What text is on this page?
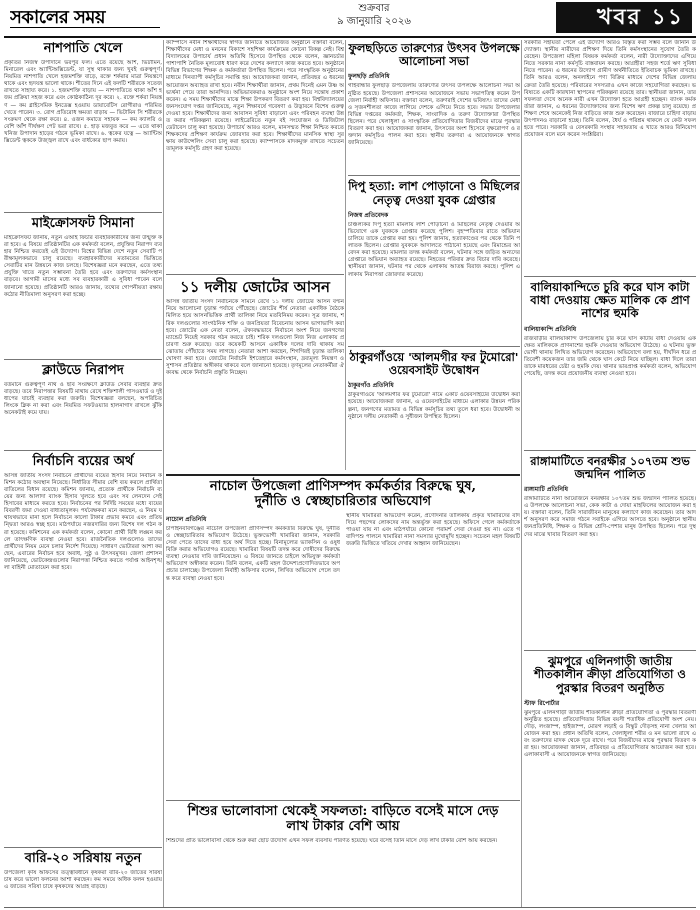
সকালের সময়	শুক্রবার
৯ জানুয়ারি ২০২৬	খবর ১১
নাশপাতি খেলে
প্রকৃতির নিজস্ব উপাদানে ভরপুর ফল। এতে রয়েছে আঁশ, ভিটামিন, মিনারেল এবং অ্যান্টিঅক্সিডেন্ট, যা সুস্থ থাকার জন্য খুবই গুরুত্বপূর্ণ। নিয়মিত নাশপাতি খেলে হজমশক্তি বাড়ে, রক্তে শর্করার মাত্রা নিয়ন্ত্রণে থাকে এবং হৃদযন্ত্র ভালো থাকে। শীতের দিনে এই ফলটি শরীরকে সতেজ রাখতে সাহায্য করে। ১. হজমশক্তি বাড়ায় — নাশপাতিতে থাকা আঁশ হজম প্রক্রিয়া সহজ করে এবং কোষ্ঠকাঠিন্য দূর করে। ২. রক্তে শর্করা নিয়ন্ত্রণ — কম গ্লাইসেমিক ইনডেক্স হওয়ায় ডায়াবেটিস রোগীরাও পরিমিত খেতে পারেন। ৩. রোগ প্রতিরোধ ক্ষমতা বাড়ায় — ভিটামিন সি শরীরকে সংক্রমণ থেকে রক্ষা করে। ৪. ওজন কমাতে সহায়ক — কম ক্যালরি ও বেশি আঁশ দীর্ঘক্ষণ পেট ভরা রাখে। ৫. হাড় মজবুত করে — এতে থাকা খনিজ উপাদান হাড়ের গঠনে ভূমিকা রাখে। ৬. ত্বকের যত্নে — অ্যান্টিঅক্সিডেন্ট ত্বককে উজ্জ্বল রাখে এবং বার্ধক্যের ছাপ কমায়।
মাইক্রোসফট সিমানা
মাইক্রোসফট জানায়, নতুন এআই ফিচার ব্যবহারকারীদের জন্য উন্মুক্ত করা হবে। এ বিষয়ে প্রতিষ্ঠানটির এক কর্মকর্তা বলেন, প্রযুক্তির নিরাপদ ব্যবহার নিশ্চিত করতেই এই উদ্যোগ। বিশ্বের বিভিন্ন দেশে নতুন সেবাটি পরীক্ষামূলকভাবে চালু রয়েছে। ব্যবহারকারীদের মতামতের ভিত্তিতে সেবাটির মান উন্নয়নে কাজ চলছে। বিশেষজ্ঞরা মনে করছেন, এতে তথ্যপ্রযুক্তি খাতে নতুন সম্ভাবনা তৈরি হবে এবং তরুণদের কর্মসংস্থান বাড়বে। আগামী মাসের মধ্যে সব ব্যবহারকারী এ সুবিধা পাবেন বলে জানানো হয়েছে। প্রতিষ্ঠানটি আরও জানায়, তথ্যের গোপনীয়তা রক্ষায় কঠোর নীতিমালা অনুসরণ করা হচ্ছে।
ক্লাউডে নিরাপদ
বর্তমানে গুরুত্বপূর্ণ নথি ও ছবি সংরক্ষণে ক্লাউড সেবার ব্যবহার দ্রুত বাড়ছে। তবে নিরাপত্তার বিষয়টি মাথায় রেখে শক্তিশালী পাসওয়ার্ড ও দুই ধাপের যাচাই ব্যবহার করা জরুরি। বিশেষজ্ঞরা বলছেন, অপরিচিত লিংকে ক্লিক না করা এবং নিয়মিত সফটওয়্যার হালনাগাদ রাখলে ঝুঁকি অনেকটাই কমে যায়।
নির্বাচনি ব্যয়ের অর্থ
আসন্ন জাতীয় সংসদ নির্বাচনে প্রার্থীদের ব্যয়ের হিসাব নিয়ে নির্বাচন কমিশন কঠোর অবস্থান নিয়েছে। নির্ধারিত সীমার বেশি ব্যয় করলে প্রার্থিতা বাতিলের বিধান রয়েছে। কমিশন জানায়, প্রত্যেক প্রার্থীকে নির্বাচনি ব্যয়ের জন্য আলাদা ব্যাংক হিসাব খুলতে হবে এবং সব লেনদেন সেই হিসাবের মাধ্যমে করতে হবে। নির্বাচনের পর নির্দিষ্ট সময়ের মধ্যে ব্যয়ের বিবরণী জমা দেওয়া বাধ্যতামূলক। পর্যবেক্ষকরা মনে করছেন, এ নিয়ম যথাযথভাবে মানা হলে নির্বাচনে কালো টাকার প্রভাব কমবে এবং প্রতিদ্বন্দ্বিতা আরও স্বচ্ছ হবে। মাঠপর্যায়ে নজরদারির জন্য বিশেষ দল গঠন করা হয়েছে। কমিশনের এক কর্মকর্তা বলেন, কোনো প্রার্থী বিধি লঙ্ঘন করলে তাৎক্ষণিক ব্যবস্থা নেওয়া হবে। রাজনৈতিক দলগুলোও তাদের প্রার্থীদের নিয়ম মেনে চলার নির্দেশ দিয়েছে। সাধারণ ভোটাররা আশা করছেন, এবারের নির্বাচন হবে অবাধ, সুষ্ঠু ও উৎসবমুখর। জেলা প্রশাসন জানিয়েছে, ভোটকেন্দ্রগুলোর নিরাপত্তা নিশ্চিত করতে পর্যাপ্ত আইনশৃঙ্খলা বাহিনী মোতায়েন করা হবে।
বারি-২০ সরিষায় নতুন
উপজেলা কৃষি অফিসের তত্ত্বাবধানে কৃষকরা বারি-২০ জাতের সরিষা চাষ করে ভালো ফলনের আশা করছেন। কম সময়ে অধিক ফলন হওয়ায় এ জাতের সরিষা চাষে কৃষকদের আগ্রহ বাড়ছে।
ক্যাম্পাসে নবীন শিক্ষার্থীদের স্বাগত জানাতে আয়োজিত অনুষ্ঠানে বক্তারা বলেন, শিক্ষার্থীদের মেধা ও মননের বিকাশে সহশিক্ষা কার্যক্রমের কোনো বিকল্প নেই। বিশ্ববিদ্যালয়ের উপাচার্য প্রধান অতিথি হিসেবে উপস্থিত থেকে বলেন, জ্ঞানচর্চার পাশাপাশি নৈতিক মূল্যবোধ ধারণ করে দেশের কল্যাণে কাজ করতে হবে। অনুষ্ঠানে বিভিন্ন বিভাগের শিক্ষক ও কর্মকর্তারা উপস্থিত ছিলেন। পরে সাংস্কৃতিক অনুষ্ঠানের মাধ্যমে দিনব্যাপী কর্মসূচির সমাপ্তি হয়। আয়োজকরা জানান, প্রতিবছর এ ধরনের আয়োজন অব্যাহত রাখা হবে। নবীন শিক্ষার্থীরা জানান, প্রথম দিনেই এমন উষ্ণ অভ্যর্থনা পেয়ে তারা আনন্দিত। অভিভাবকরাও অনুষ্ঠানে অংশ নিয়ে সন্তোষ প্রকাশ করেন। এ সময় শিক্ষার্থীদের মাঝে শিক্ষা উপকরণ বিতরণ করা হয়। বিশ্ববিদ্যালয়ের জনসংযোগ দপ্তর জানিয়েছে, নতুন শিক্ষাবর্ষে গবেষণা ও উদ্ভাবনে বিশেষ গুরুত্ব দেওয়া হবে। শিক্ষার্থীদের জন্য আবাসন সুবিধা বাড়ানো এবং পরিবহন ব্যবস্থা উন্নত করার পরিকল্পনা রয়েছে। লাইব্রেরিতে নতুন বই সংযোজন ও ডিজিটাল ডেটাবেস চালু করা হয়েছে। উপাচার্য আরও বলেন, মানসম্মত শিক্ষা নিশ্চিত করতে শিক্ষকদের প্রশিক্ষণ কার্যক্রম জোরদার করা হবে। শিক্ষার্থীদের মানসিক স্বাস্থ্য সুরক্ষায় কাউন্সেলিং সেবা চালু করা হয়েছে। ক্যাম্পাসকে মাদকমুক্ত রাখতে সচেতনতামূলক কর্মসূচি গ্রহণ করা হয়েছে।
১১ দলীয় জোটের আসন
আসন্ন জাতীয় সংসদ নির্বাচনকে সামনে রেখে ১১ দলীয় জোটের আসন বণ্টন নিয়ে আলোচনা চূড়ান্ত পর্যায়ে পৌঁছেছে। জোটের শীর্ষ নেতারা একাধিক বৈঠকে মিলিত হয়ে আসনভিত্তিক প্রার্থী তালিকা নিয়ে মতবিনিময় করেন। সূত্র জানায়, শরিক দলগুলোর সাংগঠনিক শক্তি ও জনপ্রিয়তা বিবেচনায় আসন ভাগাভাগি করা হবে। জোটের এক নেতা বলেন, ঐক্যবদ্ধভাবে নির্বাচনে অংশ নিয়ে জনগণের ম্যান্ডেট নিয়েই সরকার গঠন করতে চাই। শরিক দলগুলো নিজ নিজ এলাকায় প্রচারণা শুরু করেছে। তবে কয়েকটি আসনে একাধিক দলের দাবি থাকায় সমঝোতায় পৌঁছাতে সময় লাগছে। নেতারা আশা করছেন, শিগগিরই চূড়ান্ত তালিকা ঘোষণা করা হবে। জোটের নির্বাচনি ইশতেহারে কর্মসংস্থান, দ্রব্যমূল্য নিয়ন্ত্রণ ও সুশাসন প্রতিষ্ঠার অঙ্গীকার থাকবে বলে জানানো হয়েছে। তৃণমূলের নেতাকর্মীরা ঐক্যবদ্ধ থেকে নির্বাচনি প্রস্তুতি নিচ্ছেন।
ফুলছড়িতে তারুণ্যের উৎসব উপলক্ষে আলোচনা সভা
ফুলছড়ি প্রতিনিধি
গাইবান্ধার ফুলছড়ি উপজেলায় তারুণ্যের উৎসব উপলক্ষে আলোচনা সভা অনুষ্ঠিত হয়েছে। উপজেলা প্রশাসনের আয়োজনে সভায় সভাপতিত্ব করেন উপজেলা নির্বাহী অফিসার। বক্তারা বলেন, তরুণরাই দেশের ভবিষ্যৎ। তাদের মেধা ও সৃজনশীলতা কাজে লাগিয়ে দেশকে এগিয়ে নিতে হবে। সভায় উপজেলার বিভিন্ন দপ্তরের কর্মকর্তা, শিক্ষক, সাংবাদিক ও তরুণ উদ্যোক্তারা উপস্থিত ছিলেন। পরে খেলাধুলা ও সাংস্কৃতিক প্রতিযোগিতার বিজয়ীদের মাঝে পুরস্কার বিতরণ করা হয়। আয়োজকরা জানান, উৎসবের অংশ হিসেবে বৃক্ষরোপণ ও রক্তদান কর্মসূচিও পালন করা হবে। স্থানীয় তরুণরা এ আয়োজনকে স্বাগত জানিয়েছে।
দিপু হত্যা: লাশ পোড়ানো ও মিছিলের নেতৃত্ব দেওয়া যুবক গ্রেপ্তার
নিজস্ব প্রতিবেদক
চাঞ্চল্যকর দিপু হত্যা মামলায় লাশ পোড়ানো ও মিছিলের নেতৃত্ব দেওয়ার অভিযোগে এক যুবককে গ্রেপ্তার করেছে পুলিশ। বৃহস্পতিবার রাতে অভিযান চালিয়ে তাকে গ্রেপ্তার করা হয়। পুলিশ জানায়, হত্যাকাণ্ডের পর থেকে তিনি পলাতক ছিলেন। গ্রেপ্তার যুবককে আদালতে পাঠানো হয়েছে এবং রিমান্ডের আবেদন করা হয়েছে। মামলার তদন্ত কর্মকর্তা বলেন, ঘটনার সঙ্গে জড়িত অন্যদের গ্রেপ্তারে অভিযান অব্যাহত রয়েছে। নিহতের পরিবার দ্রুত বিচার দাবি করেছে। স্থানীয়রা জানান, ঘটনার পর থেকে এলাকায় আতঙ্ক বিরাজ করছে। পুলিশ এলাকায় নিরাপত্তা জোরদার করেছে।
ঠাকুরগাঁওয়ে 'আলমগীর ফর টুমোরো' ওয়েবসাইট উদ্বোধন
ঠাকুরগাঁও প্রতিনিধি
ঠাকুরগাঁওয়ে 'আলমগীর ফর টুমোরো' নামে একটি ওয়েবসাইটের উদ্বোধন করা হয়েছে। আয়োজকরা জানান, এ ওয়েবসাইটের মাধ্যমে এলাকার উন্নয়ন পরিকল্পনা, জনগণের মতামত ও বিভিন্ন কর্মসূচির তথ্য তুলে ধরা হবে। উদ্বোধনী অনুষ্ঠানে দলীয় নেতাকর্মী ও সুধীজন উপস্থিত ছিলেন।
নাচোল উপজেলা প্রাণিসম্পদ কর্মকর্তার বিরুদ্ধে ঘুষ, দুর্নীতি ও স্বেচ্ছাচারিতার অভিযোগ
নাচোল প্রতিনিধি
চাঁপাইনবাবগঞ্জের নাচোল উপজেলা প্রাণিসম্পদ কর্মকর্তার বিরুদ্ধে ঘুষ, দুর্নীতি ও স্বেচ্ছাচারিতার অভিযোগ উঠেছে। ভুক্তভোগী খামারিরা জানান, সরকারি সেবা পেতে তাদের বাধ্য হয়ে অর্থ দিতে হচ্ছে। বিনামূল্যের ভ্যাকসিন ও ওষুধ বিক্রি করার অভিযোগও রয়েছে। খামারিরা বিষয়টি তদন্ত করে দোষীদের বিরুদ্ধে ব্যবস্থা নেওয়ার দাবি জানিয়েছেন। এ বিষয়ে জানতে চাইলে অভিযুক্ত কর্মকর্তা অভিযোগ অস্বীকার করেন। তিনি বলেন, একটি মহল উদ্দেশ্যপ্রণোদিতভাবে অপপ্রচার চালাচ্ছে। উপজেলা নির্বাহী অফিসার বলেন, লিখিত অভিযোগ পেলে তদন্ত করে ব্যবস্থা নেওয়া হবে।
স্থানীয় খামারিরা অভিযোগ করেন, প্রণোদনার তালিকায় প্রকৃত খামারিদের বাদ দিয়ে পছন্দের লোকদের নাম অন্তর্ভুক্ত করা হয়েছে। অফিসে গেলে কর্মকর্তাকে পাওয়া যায় না এবং মাঠপর্যায়ে কোনো পরামর্শ সেবা দেওয়া হয় না। এতে গবাদিপশু পালনে খামারিরা নানা সমস্যার মুখোমুখি হচ্ছেন। সচেতন মহল বিষয়টি জরুরি ভিত্তিতে খতিয়ে দেখার আহ্বান জানিয়েছেন।
শিশুর ভালোবাসা থেকেই সফলতা: বাড়িতে বসেই মাসে দেড় লাখ টাকার বেশি আয়
শিশুদের প্রতি ভালোবাসা থেকে শুরু করা ছোট উদ্যোগ এখন সফল ব্যবসায় পরিণত হয়েছে। ঘরে বসেই তিনি মাসে দেড় লাখ টাকার বেশি আয় করছেন।
সরকারি সহায়তা পেলে এই উদ্যোগ আরও বিস্তৃত করা সম্ভব বলে জানান উদ্যোক্তা। স্থানীয় নারীদের প্রশিক্ষণ দিয়ে তিনি কর্মসংস্থানের সুযোগ তৈরি করেছেন। উপজেলা মহিলা বিষয়ক কর্মকর্তা বলেন, নারী উদ্যোক্তাদের এগিয়ে নিতে সরকার নানা কর্মসূচি বাস্তবায়ন করছে। আগ্রহীরা সহজ শর্তে ঋণ সুবিধা নিতে পারেন। এ ধরনের উদ্যোগ গ্রামীণ অর্থনীতিতে ইতিবাচক ভূমিকা রাখছে। তিনি আরও বলেন, অনলাইনে পণ্য বিক্রির মাধ্যমে দেশের বিভিন্ন জেলায় ক্রেতা তৈরি হয়েছে। পরিবারের সদস্যরাও এখন কাজে সহযোগিতা করছেন। ভবিষ্যতে একটি কারখানা স্থাপনের পরিকল্পনা রয়েছে তার। স্থানীয়রা জানান, তার সফলতা দেখে অনেক নারী এখন উদ্যোক্তা হতে আগ্রহী হচ্ছেন। ব্যাংক কর্মকর্তারা জানান, এ ধরনের উদ্যোক্তাদের জন্য বিশেষ ঋণ প্রকল্প চালু রয়েছে। প্রশিক্ষণ শেষে অনেকেই নিজ বাড়িতে কাজ শুরু করেছেন। বাজারে চাহিদা বাড়ায় উৎপাদনও বাড়ানো হচ্ছে। তিনি বলেন, ধৈর্য ও পরিশ্রম থাকলে যে কেউ সফল হতে পারে। সরকারি ও বেসরকারি সংস্থার সহায়তায় এ খাতে আরও বিনিয়োগ প্রয়োজন বলে মনে করেন সংশ্লিষ্টরা।
বালিয়াকান্দিতে চুরি করে ঘাস কাটা বাধা দেওয়ায় ক্ষেত মালিক কে প্রাণ নাশের হুমকি
বালিয়াকান্দি প্রতিনিধি
রাজবাড়ীর বালিয়াকান্দি উপজেলায় চুরি করে ঘাস কাটায় বাধা দেওয়ায় এক ক্ষেত মালিককে প্রাণনাশের হুমকি দেওয়ার অভিযোগ উঠেছে। এ ঘটনায় ভুক্তভোগী থানায় লিখিত অভিযোগ করেছেন। অভিযোগে বলা হয়, দীর্ঘদিন ধরে প্রতিবেশী কয়েকজন তার জমি থেকে ঘাস কেটে নিয়ে যাচ্ছিল। বাধা দিলে তারা তাকে মারধরের চেষ্টা ও হুমকি দেয়। থানার ভারপ্রাপ্ত কর্মকর্তা বলেন, অভিযোগ পেয়েছি, তদন্ত করে প্রয়োজনীয় ব্যবস্থা নেওয়া হবে।
রাঙ্গামাটিতে বনরক্ষীর ১০৭তম শুভ জন্মদিন পালিত
রাঙ্গামাটি প্রতিনিধি
রাঙ্গামাটিতে নানা আয়োজনে বনরক্ষীর ১০৭তম শুভ জন্মদিন পালিত হয়েছে। এ উপলক্ষে আলোচনা সভা, কেক কাটা ও দোয়া মাহফিলের আয়োজন করা হয়। বক্তারা বলেন, তিনি সারাজীবন মানুষের কল্যাণে কাজ করেছেন। তার আদর্শ অনুসরণ করে সমাজ গঠনে সবাইকে এগিয়ে আসতে হবে। অনুষ্ঠানে স্থানীয় জনপ্রতিনিধি, শিক্ষক ও বিভিন্ন শ্রেণি-পেশার মানুষ উপস্থিত ছিলেন। পরে দুস্থদের মাঝে খাবার বিতরণ করা হয়।
ঝুমপুরে এলিনগাড়ী জাতীয় শীতকালীন ক্রীড়া প্রতিযোগিতা ও পুরস্কার বিতরণ অনুষ্ঠিত
স্টাফ রিপোর্টার
ঝুমপুরে এলিনগাড়ী জাতীয় শীতকালীন ক্রীড়া প্রতিযোগিতা ও পুরস্কার বিতরণী অনুষ্ঠিত হয়েছে। প্রতিযোগিতায় বিভিন্ন বয়সী শতাধিক প্রতিযোগী অংশ নেয়। দৌড়, লংজাম্প, হাইজাম্প, মোরগ লড়াই ও বিস্কুট দৌড়সহ নানা খেলার আয়োজন করা হয়। প্রধান অতিথি বলেন, খেলাধুলা শরীর ও মন ভালো রাখে এবং তরুণদের মাদক থেকে দূরে রাখে। পরে বিজয়ীদের মাঝে পুরস্কার বিতরণ করা হয়। আয়োজকরা জানান, প্রতিবছর এ প্রতিযোগিতার আয়োজন করা হবে। এলাকাবাসী এ আয়োজনকে স্বাগত জানিয়েছে।
